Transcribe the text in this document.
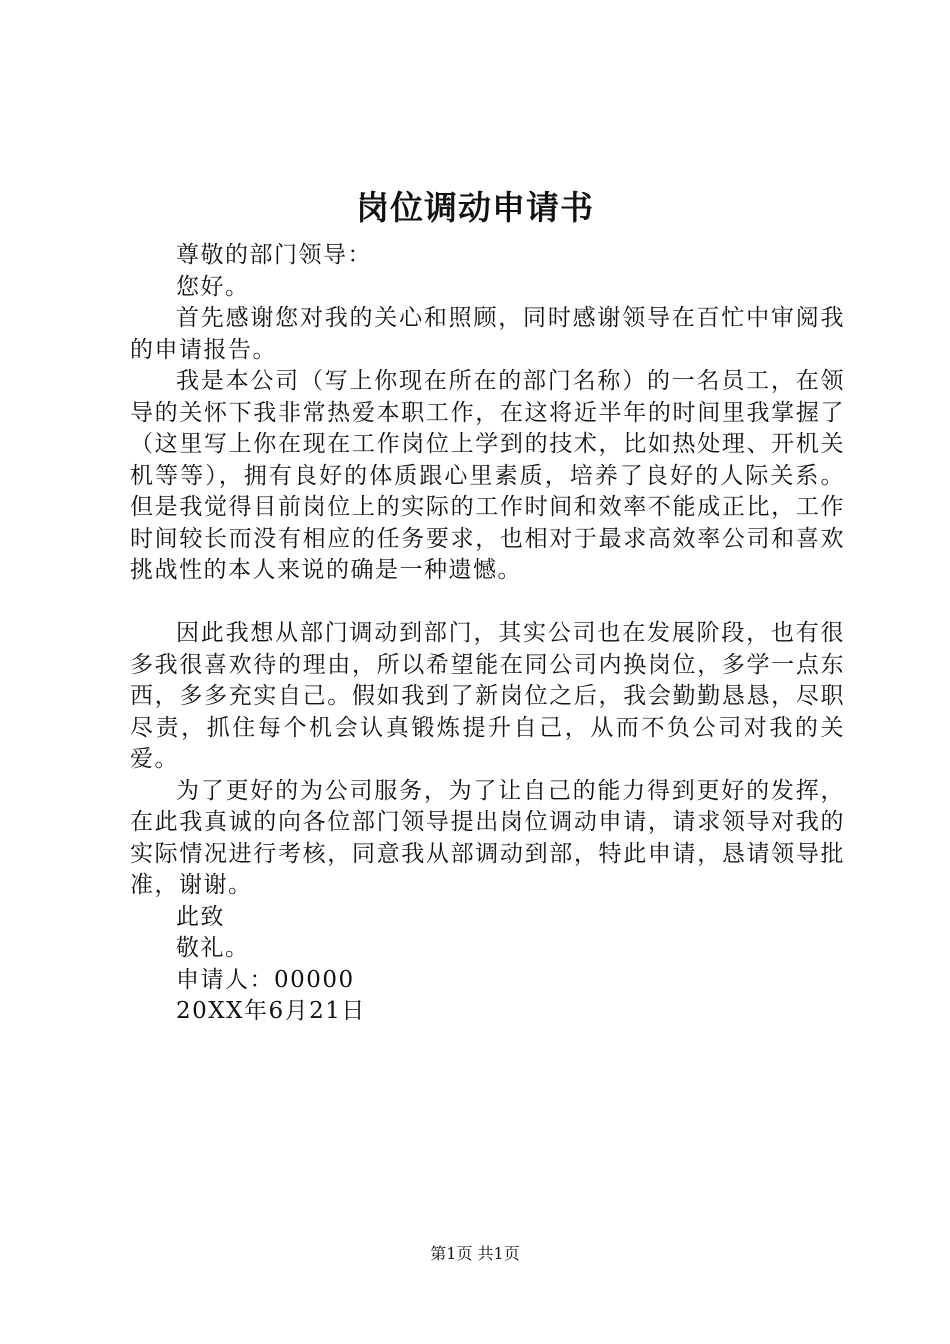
岗位调动申请书

尊敬的部门领导：

您好。

首先感谢您对我的关心和照顾，同时感谢领导在百忙中审阅我的申请报告。

我是本公司（写上你现在所在的部门名称）的一名员工，在领导的关怀下我非常热爱本职工作，在这将近半年的时间里我掌握了（这里写上你在现在工作岗位上学到的技术，比如热处理、开机关机等等），拥有良好的体质跟心里素质，培养了良好的人际关系。但是我觉得目前岗位上的实际的工作时间和效率不能成正比，工作时间较长而没有相应的任务要求，也相对于最求高效率公司和喜欢挑战性的本人来说的确是一种遗憾。

因此我想从部门调动到部门，其实公司也在发展阶段，也有很多我很喜欢待的理由，所以希望能在同公司内换岗位，多学一点东西，多多充实自己。假如我到了新岗位之后，我会勤勤恳恳，尽职尽责，抓住每个机会认真锻炼提升自己，从而不负公司对我的关爱。

为了更好的为公司服务，为了让自己的能力得到更好的发挥，在此我真诚的向各位部门领导提出岗位调动申请，请求领导对我的实际情况进行考核，同意我从部调动到部，特此申请，恳请领导批准，谢谢。

此致

敬礼。

申请人：00000

20XX年6月21日

第1页 共1页
